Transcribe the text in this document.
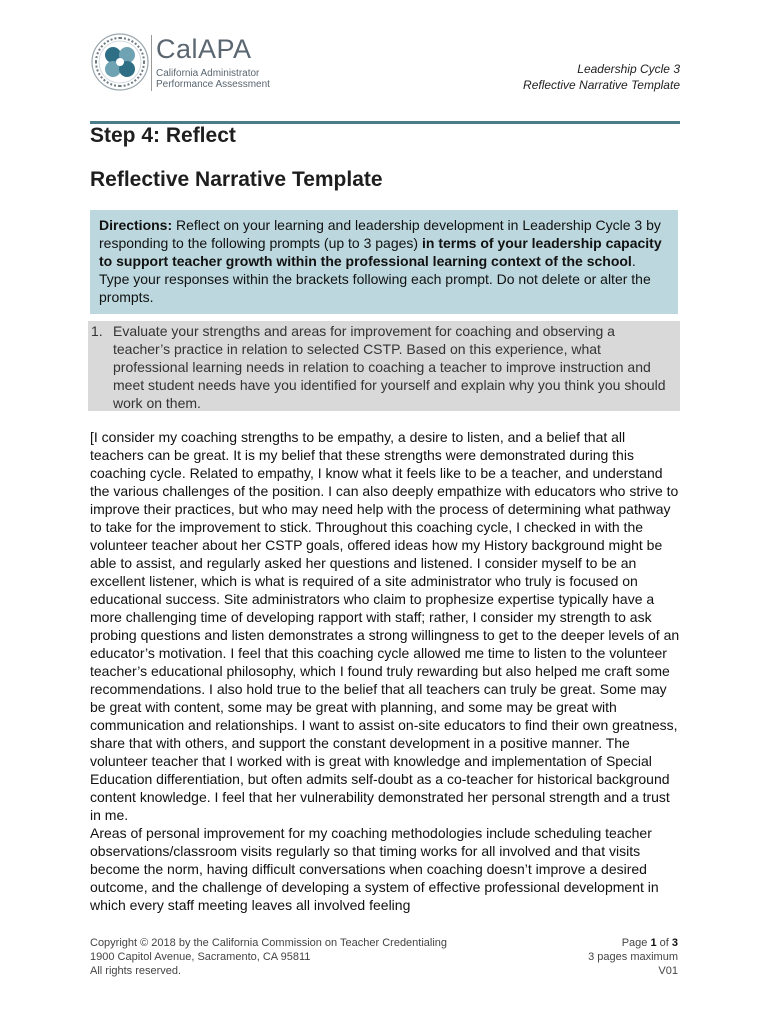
CalAPA
California Administrator
Performance Assessment
Leadership Cycle 3
Reflective Narrative Template
Step 4: Reflect
Reflective Narrative Template
Directions: Reflect on your learning and leadership development in Leadership Cycle 3 by responding to the following prompts (up to 3 pages) in terms of your leadership capacity to support teacher growth within the professional learning context of the school. Type your responses within the brackets following each prompt. Do not delete or alter the prompts.
1. Evaluate your strengths and areas for improvement for coaching and observing a teacher’s practice in relation to selected CSTP. Based on this experience, what professional learning needs in relation to coaching a teacher to improve instruction and meet student needs have you identified for yourself and explain why you think you should work on them.

[I consider my coaching strengths to be empathy, a desire to listen, and a belief that all teachers can be great. It is my belief that these strengths were demonstrated during this coaching cycle. Related to empathy, I know what it feels like to be a teacher, and understand the various challenges of the position. I can also deeply empathize with educators who strive to improve their practices, but who may need help with the process of determining what pathway to take for the improvement to stick. Throughout this coaching cycle, I checked in with the volunteer teacher about her CSTP goals, offered ideas how my History background might be able to assist, and regularly asked her questions and listened. I consider myself to be an excellent listener, which is what is required of a site administrator who truly is focused on educational success. Site administrators who claim to prophesize expertise typically have a more challenging time of developing rapport with staff; rather, I consider my strength to ask probing questions and listen demonstrates a strong willingness to get to the deeper levels of an educator’s motivation. I feel that this coaching cycle allowed me time to listen to the volunteer teacher’s educational philosophy, which I found truly rewarding but also helped me craft some recommendations. I also hold true to the belief that all teachers can truly be great. Some may be great with content, some may be great with planning, and some may be great with communication and relationships. I want to assist on-site educators to find their own greatness, share that with others, and support the constant development in a positive manner. The volunteer teacher that I worked with is great with knowledge and implementation of Special Education differentiation, but often admits self-doubt as a co-teacher for historical background content knowledge. I feel that her vulnerability demonstrated her personal strength and a trust in me.

Areas of personal improvement for my coaching methodologies include scheduling teacher observations/classroom visits regularly so that timing works for all involved and that visits become the norm, having difficult conversations when coaching doesn’t improve a desired outcome, and the challenge of developing a system of effective professional development in which every staff meeting leaves all involved feeling

Copyright © 2018 by the California Commission on Teacher Credentialing
1900 Capitol Avenue, Sacramento, CA 95811
All rights reserved.
Page 1 of 3
3 pages maximum
V01
